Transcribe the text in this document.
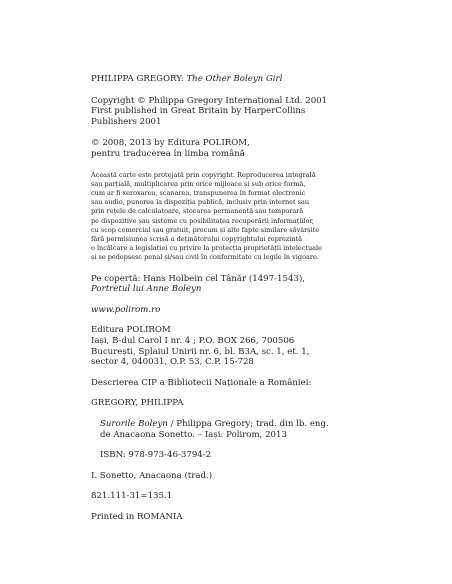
PHILIPPA GREGORY: The Other Boleyn Girl
Copyright © Philippa Gregory International Ltd. 2001
First published in Great Britain by HarperCollins
Publishers 2001
© 2008, 2013 by Editura POLIROM,
pentru traducerea în limba română
Această carte este protejată prin copyright. Reproducerea integrală
sau parțială, multiplicarea prin orice mijloace și sub orice formă,
cum ar fi xeroxarea, scanarea, transpunerea în format electronic
sau audio, punerea la dispoziția publică, inclusiv prin internet sau
prin rețele de calculatoare, stocarea permanentă sau temporară
pe dispozitive sau sisteme cu posibilitatea recuperării informațiilor,
cu scop comercial sau gratuit, precum și alte fapte similare săvârșite
fără permisiunea scrisă a deținătorului copyrightului reprezintă
o încălcare a legislației cu privire la protecția proprietății intelectuale
și se pedepsesc penal și/sau civil în conformitate cu legile în vigoare.
Pe copertă: Hans Holbein cel Tânăr (1497-1543),
Portretul lui Anne Boleyn
www.polirom.ro
Editura POLIROM
Iași, B-dul Carol I nr. 4 ; P.O. BOX 266, 700506
București, Splaiul Unirii nr. 6, bl. B3A, sc. 1, et. 1,
sector 4, 040031, O.P. 53, C.P. 15-728
Descrierea CIP a Bibliotecii Naționale a României:
GREGORY, PHILIPPA
Surorile Boleyn / Philippa Gregory; trad. din lb. eng.
de Anacaona Sonetto. – Iași: Polirom, 2013
ISBN: 978-973-46-3794-2
I. Sonetto, Anacaona (trad.)
821.111-31=135.1
Printed in ROMANIA
